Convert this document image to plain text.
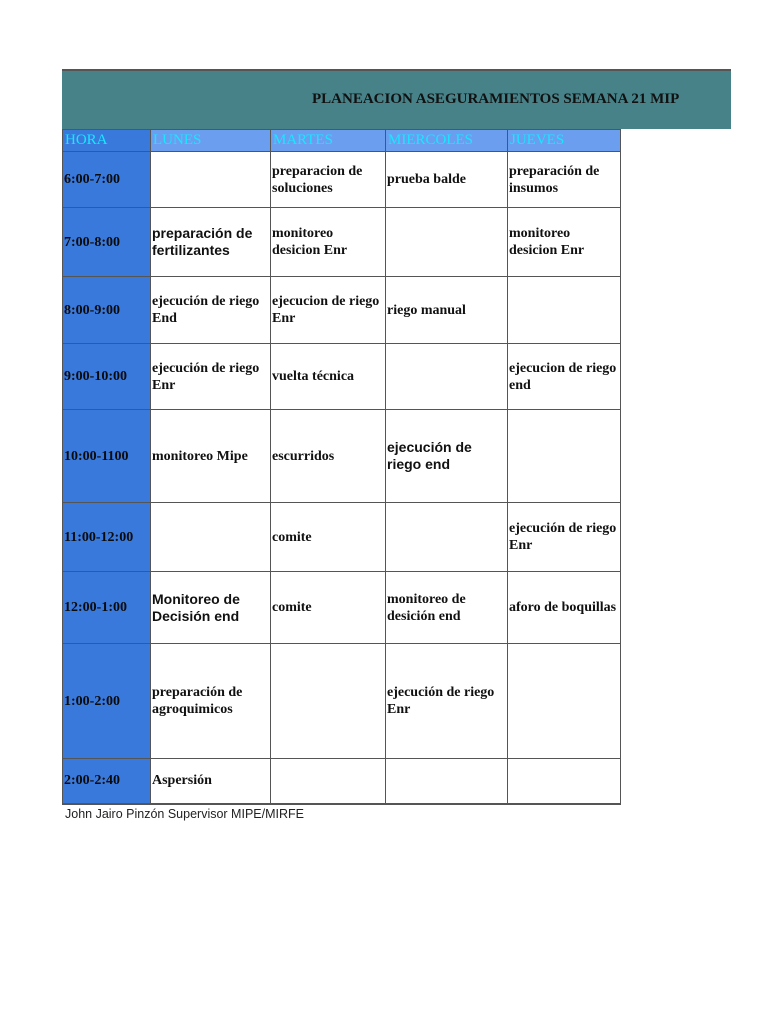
PLANEACION ASEGURAMIENTOS SEMANA 21 MIP
HORA	LUNES	MARTES	MIERCOLES	JUEVES
6:00-7:00		preparacion de soluciones	prueba balde	preparación de insumos
7:00-8:00	preparación de fertilizantes	monitoreo desicion Enr		monitoreo desicion Enr
8:00-9:00	ejecución de riego End	ejecucion de riego Enr	riego manual	
9:00-10:00	ejecución de riego Enr	vuelta técnica		ejecucion de riego end
10:00-1100	monitoreo Mipe	escurridos	ejecución de riego end	
11:00-12:00		comite		ejecución de riego Enr
12:00-1:00	Monitoreo de Decisión end	comite	monitoreo de desición end	aforo de boquillas
1:00-2:00	preparación de agroquimicos		ejecución de riego Enr	
2:00-2:40	Aspersión			
John Jairo Pinzón Supervisor MIPE/MIRFE
